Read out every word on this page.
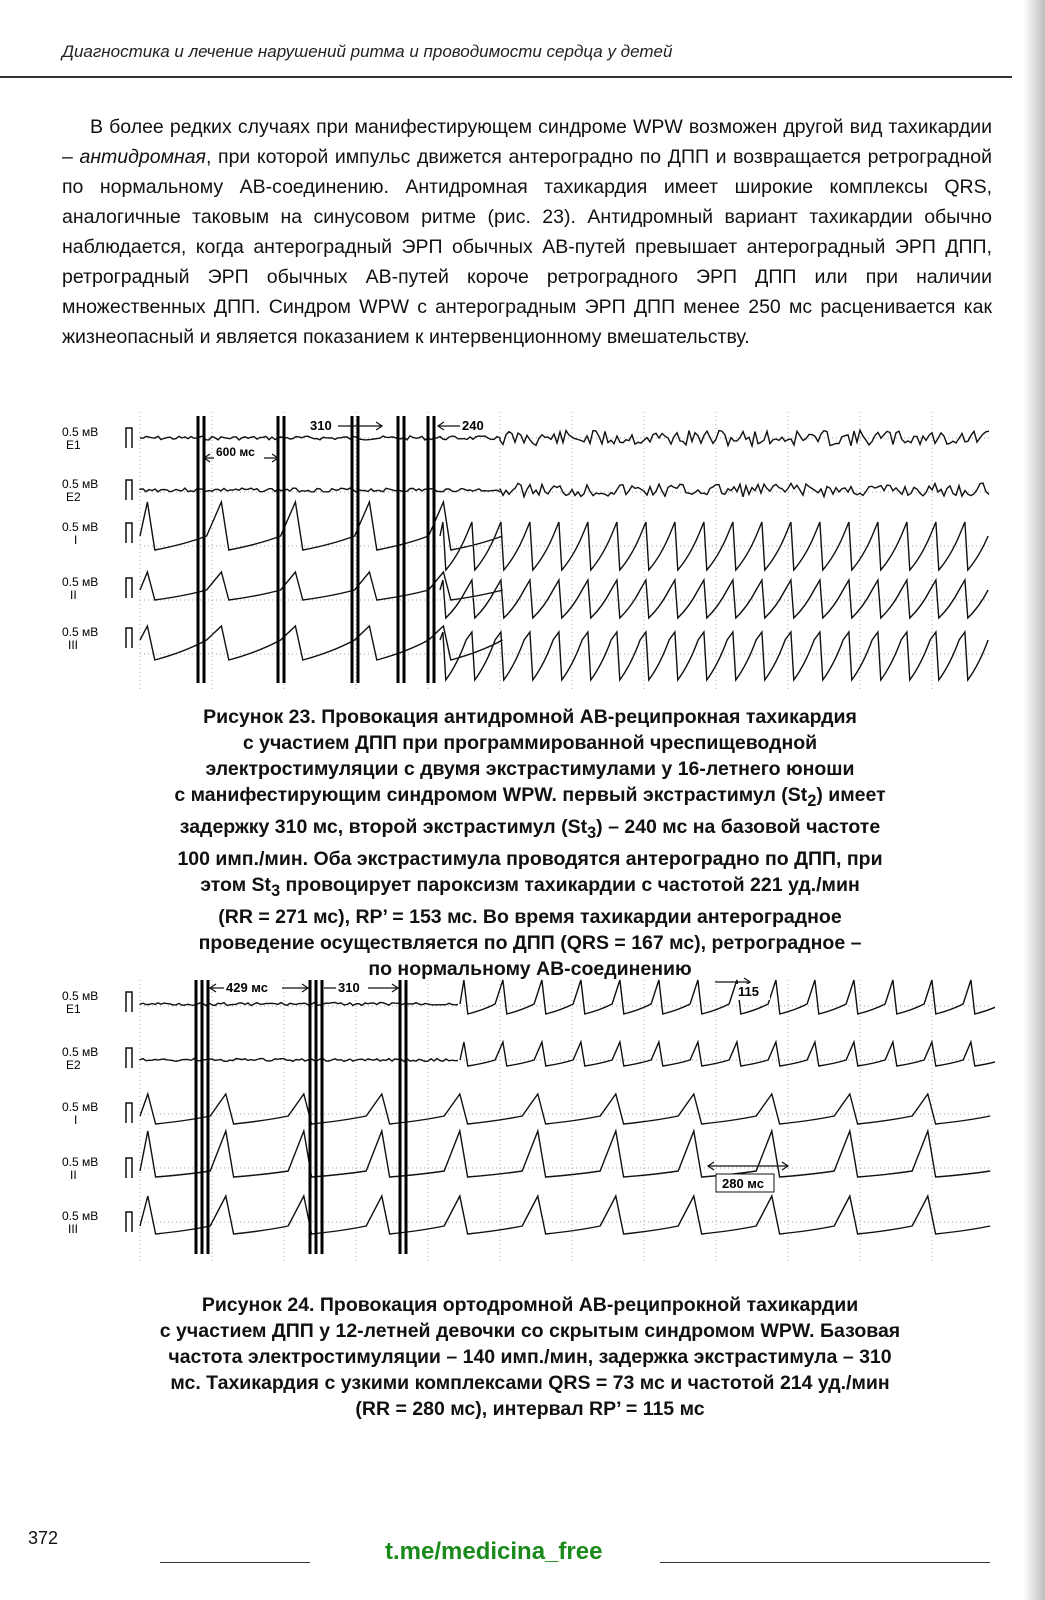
Диагностика и лечение нарушений ритма и проводимости сердца у детей

В более редких случаях при манифестирующем синдроме WPW возможен другой вид тахикардии – антидромная, при которой импульс движется антероградно по ДПП и возвращается ретроградной по нормальному АВ-соединению. Антидромная тахикардия имеет широкие комплексы QRS, аналогичные таковым на синусовом ритме (рис. 23). Антидромный вариант тахикардии обычно наблюдается, когда антероградный ЭРП обычных АВ-путей превышает антероградный ЭРП ДПП, ретроградный ЭРП обычных АВ-путей короче ретроградного ЭРП ДПП или при наличии множественных ДПП. Синдром WPW с антероградным ЭРП ДПП менее 250 мс расценивается как жизнеопасный и является показанием к интервенционному вмешательству.

0.5 мВ
E1
0.5 мВ
E2
0.5 мВ
I
0.5 мВ
II
0.5 мВ
III
310	240
600 мс
Рисунок 23. Провокация антидромной АВ-реципрокная тахикардия
с участием ДПП при программированной чреспищеводной
электростимуляции с двумя экстрастимулами у 16-летнего юноши
с манифестирующим синдромом WPW. первый экстрастимул $(St_2)$ имеет
задержку 310 мс, второй экстрастимул $(St_3) - 240$ мс на базовой частоте
100 имп./мин. Оба экстрастимула проводятся антероградно по ДПП, при
этом $St_3$ провоцирует пароксизм тахикардии с частотой 221 уд./мин
(RR = 271 мс), RP’ = 153 мс. Во время тахикардии антероградное
проведение осуществляется по ДПП (QRS = 167 мс), ретроградное –
по нормальному АВ-соединению
0.5 мВ
E1
0.5 мВ
E2
0.5 мВ
I
0.5 мВ
II
0.5 мВ
III
429 мс	310	115
280 мс
Рисунок 24. Провокация ортодромной АВ-реципрокной тахикардии
с участием ДПП у 12-летней девочки со скрытым синдромом WPW. Базовая
частота электростимуляции – 140 имп./мин, задержка экстрастимула – 310
мс. Тахикардия с узкими комплексами QRS = 73 мс и частотой 214 уд./мин
(RR = 280 мс), интервал RP’ = 115 мс
372	t.me/medicina_free
